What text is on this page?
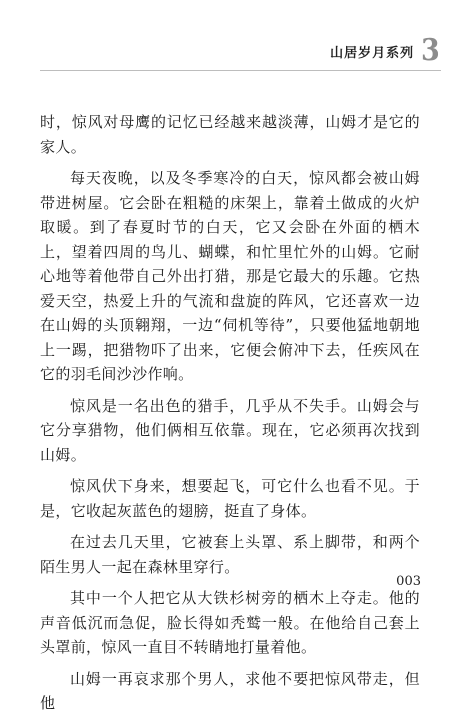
山居岁月系列 3

时，惊风对母鹰的记忆已经越来越淡薄，山姆才是它的家人。

每天夜晚，以及冬季寒冷的白天，惊风都会被山姆带进树屋。它会卧在粗糙的床架上，靠着土做成的火炉取暖。到了春夏时节的白天，它又会卧在外面的栖木上，望着四周的鸟儿、蝴蝶，和忙里忙外的山姆。它耐心地等着他带自己外出打猎，那是它最大的乐趣。它热爱天空，热爱上升的气流和盘旋的阵风，它还喜欢一边在山姆的头顶翱翔，一边“伺机等待”，只要他猛地朝地上一踢，把猎物吓了出来，它便会俯冲下去，任疾风在它的羽毛间沙沙作响。

惊风是一名出色的猎手，几乎从不失手。山姆会与它分享猎物，他们俩相互依靠。现在，它必须再次找到山姆。

惊风伏下身来，想要起飞，可它什么也看不见。于是，它收起灰蓝色的翅膀，挺直了身体。

在过去几天里，它被套上头罩、系上脚带，和两个陌生男人一起在森林里穿行。

其中一个人把它从大铁杉树旁的栖木上夺走。他的声音低沉而急促，脸长得如秃鹫一般。在他给自己套上头罩前，惊风一直目不转睛地打量着他。

山姆一再哀求那个男人，求他不要把惊风带走，但他

003
